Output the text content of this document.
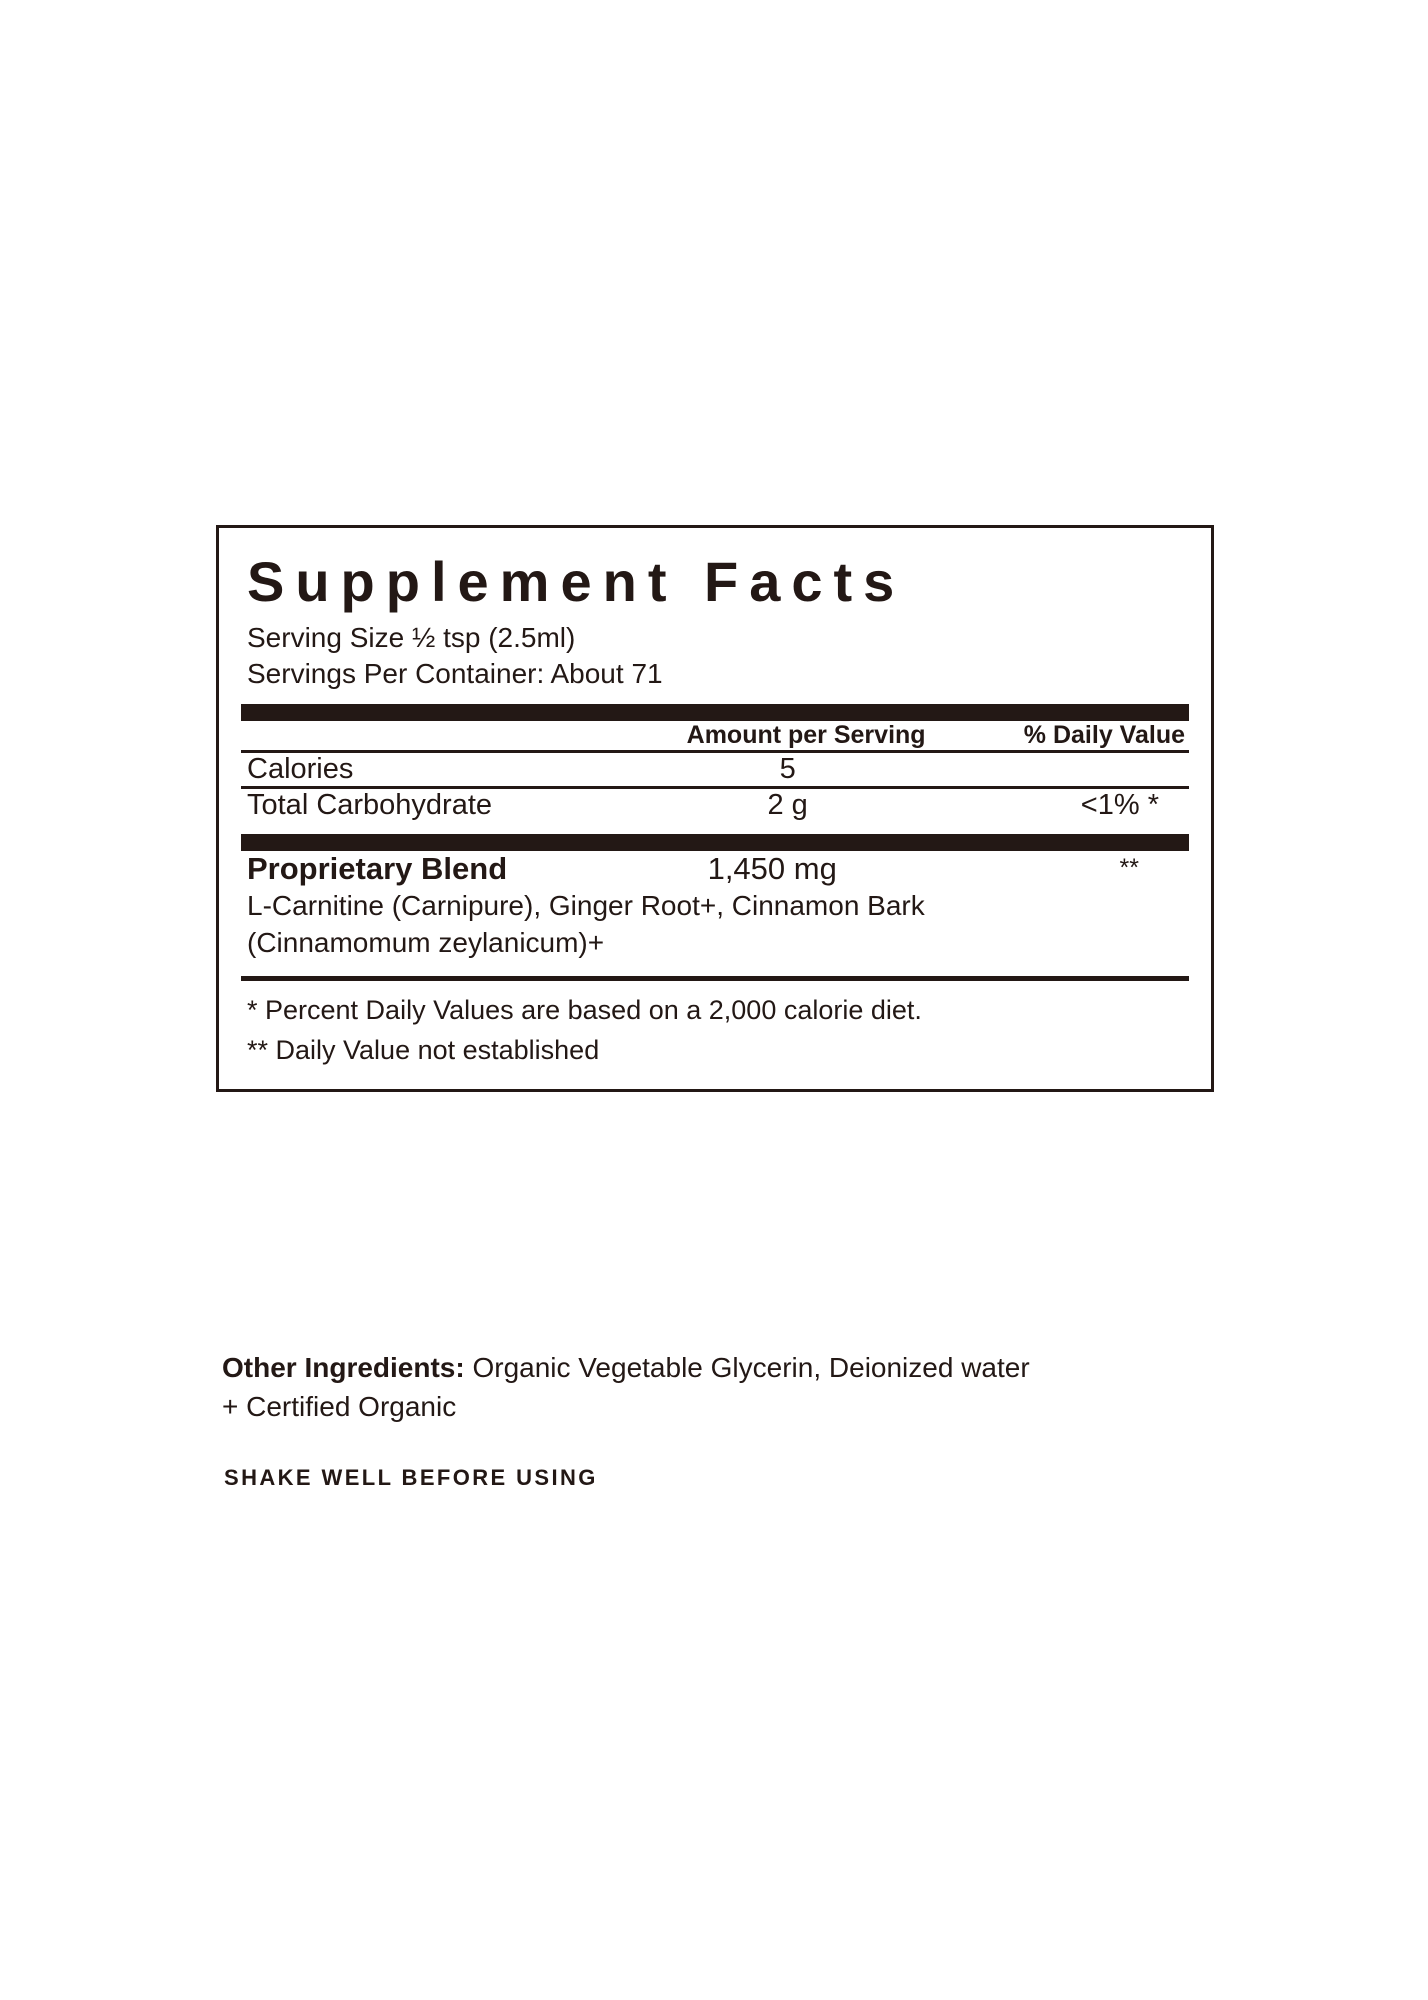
Supplement Facts
Serving Size ½ tsp (2.5ml)
Servings Per Container: About 71
	Amount per Serving	% Daily Value
Calories	5	
Total Carbohydrate	2 g	<1% *
Proprietary Blend	1,450 mg	**
L-Carnitine (Carnipure), Ginger Root+, Cinnamon Bark (Cinnamomum zeylanicum)+
* Percent Daily Values are based on a 2,000 calorie diet.
** Daily Value not established
Other Ingredients: Organic Vegetable Glycerin, Deionized water
+ Certified Organic
SHAKE WELL BEFORE USING
